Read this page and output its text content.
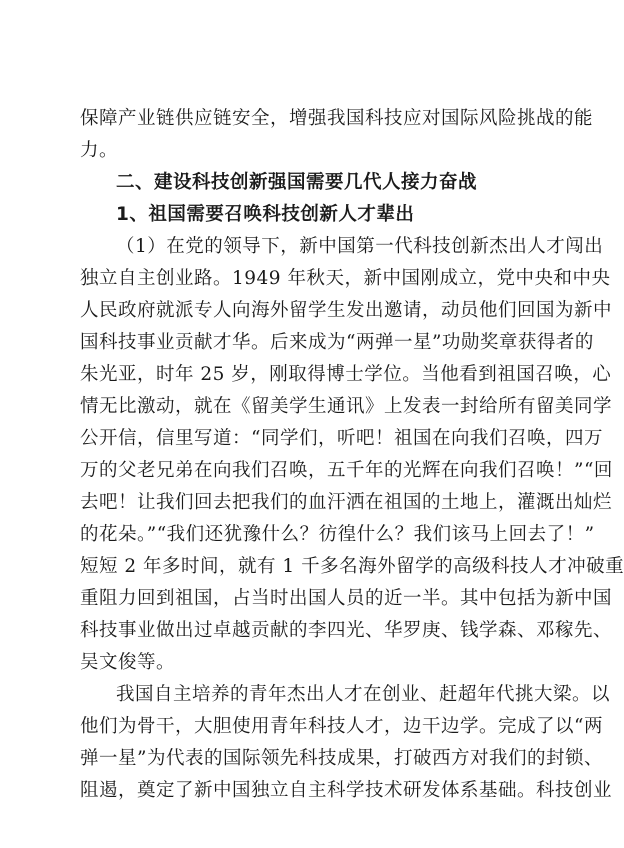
保障产业链供应链安全，增强我国科技应对国际风险挑战的能
力。
二、建设科技创新强国需要几代人接力奋战
1、祖国需要召唤科技创新人才辈出
（1）在党的领导下，新中国第一代科技创新杰出人才闯出
独立自主创业路。1949 年秋天，新中国刚成立，党中央和中央
人民政府就派专人向海外留学生发出邀请，动员他们回国为新中
国科技事业贡献才华。后来成为“两弹一星”功勋奖章获得者的
朱光亚，时年 25 岁，刚取得博士学位。当他看到祖国召唤，心
情无比激动，就在《留美学生通讯》上发表一封给所有留美同学
公开信，信里写道：“同学们，听吧！祖国在向我们召唤，四万
万的父老兄弟在向我们召唤，五千年的光辉在向我们召唤！”“回
去吧！让我们回去把我们的血汗洒在祖国的土地上，灌溉出灿烂
的花朵。”“我们还犹豫什么？彷徨什么？我们该马上回去了！”
短短 2 年多时间，就有 1 千多名海外留学的高级科技人才冲破重
重阻力回到祖国，占当时出国人员的近一半。其中包括为新中国
科技事业做出过卓越贡献的李四光、华罗庚、钱学森、邓稼先、
吴文俊等。
我国自主培养的青年杰出人才在创业、赶超年代挑大梁。以
他们为骨干，大胆使用青年科技人才，边干边学。完成了以“两
弹一星”为代表的国际领先科技成果，打破西方对我们的封锁、
阻遏，奠定了新中国独立自主科学技术研发体系基础。科技创业
